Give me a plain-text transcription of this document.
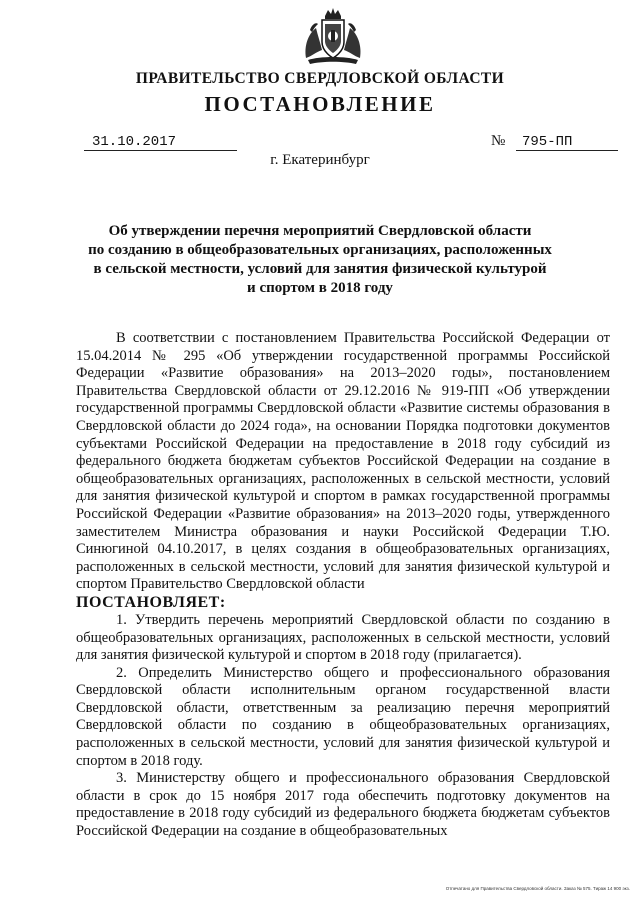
ПРАВИТЕЛЬСТВО СВЕРДЛОВСКОЙ ОБЛАСТИ
ПОСТАНОВЛЕНИЕ
31.10.2017	№	795-ПП
г. Екатеринбург
Об утверждении перечня мероприятий Свердловской области
по созданию в общеобразовательных организациях, расположенных
в сельской местности, условий для занятия физической культурой
и спортом в 2018 году

В соответствии с постановлением Правительства Российской Федерации от 15.04.2014 № 295 «Об утверждении государственной программы Российской Федерации «Развитие образования» на 2013–2020 годы», постановлением Правительства Свердловской области от 29.12.2016 № 919-ПП «Об утверждении государственной программы Свердловской области «Развитие системы образования в Свердловской области до 2024 года», на основании Порядка подготовки документов субъектами Российской Федерации на предоставление в 2018 году субсидий из федерального бюджета бюджетам субъектов Российской Федерации на создание в общеобразовательных организациях, расположенных в сельской местности, условий для занятия физической культурой и спортом в рамках государственной программы Российской Федерации «Развитие образования» на 2013–2020 годы, утвержденного заместителем Министра образования и науки Российской Федерации Т.Ю. Синюгиной 04.10.2017, в целях создания в общеобразовательных организациях, расположенных в сельской местности, условий для занятия физической культурой и спортом Правительство Свердловской области

ПОСТАНОВЛЯЕТ:

1. Утвердить перечень мероприятий Свердловской области по созданию в общеобразовательных организациях, расположенных в сельской местности, условий для занятия физической культурой и спортом в 2018 году (прилагается).

2. Определить Министерство общего и профессионального образования Свердловской области исполнительным органом государственной власти Свердловской области, ответственным за реализацию перечня мероприятий Свердловской области по созданию в общеобразовательных организациях, расположенных в сельской местности, условий для занятия физической культурой и спортом в 2018 году.

3. Министерству общего и профессионального образования Свердловской области в срок до 15 ноября 2017 года обеспечить подготовку документов на предоставление в 2018 году субсидий из федерального бюджета бюджетам субъектов Российской Федерации на создание в общеобразовательных

Отпечатано для Правительства Свердловской области. Заказ № 575. Тираж 14 900 экз.
